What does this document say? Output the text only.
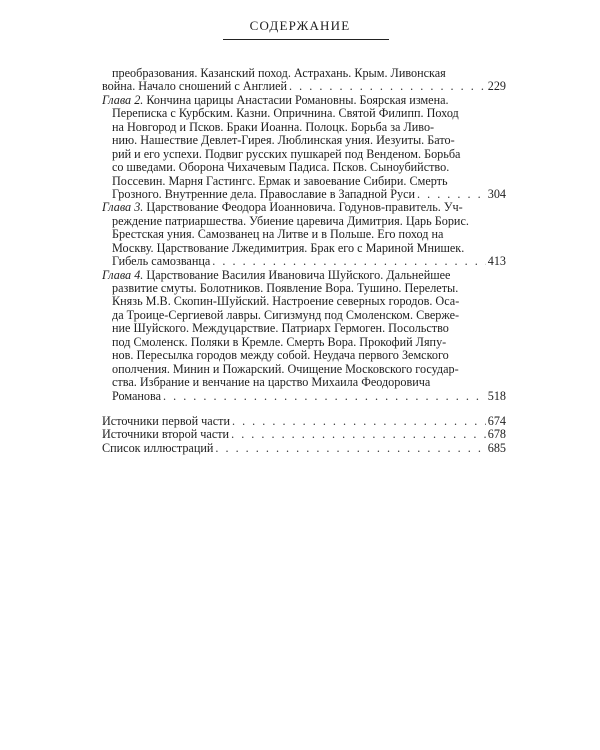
СОДЕРЖАНИЕ
преобразования. Казанский поход. Астрахань. Крым. Ливонская
война. Начало сношений с Англией . . .	229
Глава 2. Кончина царицы Анастасии Романовны. Боярская измена.
Переписка с Курбским. Казни. Опричнина. Святой Филипп. Поход
на Новгород и Псков. Браки Иоанна. Полоцк. Борьба за Ливо-
нию. Нашествие Девлет-Гирея. Люблинская уния. Иезуиты. Бато-
рий и его успехи. Подвиг русских пушкарей под Венденом. Борьба
со шведами. Оборона Чихачевым Падиса. Псков. Сыноубийство.
Поссевин. Марня Гастингс. Ермак и завоевание Сибири. Смерть
Грозного. Внутренние дела. Православие в Западной Руси . . .	304
Глава 3. Царствование Феодора Иоанновича. Годунов-правитель. Уч-
реждение патриаршества. Убиение царевича Димитрия. Царь Борис.
Брестская уния. Самозванец на Литве и в Польше. Его поход на
Москву. Царствование Лжедимитрия. Брак его с Мариной Мнишек.
Гибель самозванца . . .	413
Глава 4. Царствование Василия Ивановича Шуйского. Дальнейшее
развитие смуты. Болотников. Появление Вора. Тушино. Перелеты.
Князь М.В. Скопин-Шуйский. Настроение северных городов. Оса-
да Троице-Сергиевой лавры. Сигизмунд под Смоленском. Сверже-
ние Шуйского. Междуцарствие. Патриарх Гермоген. Посольство
под Смоленск. Поляки в Кремле. Смерть Вора. Прокофий Ляпу-
нов. Пересылка городов между собой. Неудача первого Земского
ополчения. Минин и Пожарский. Очищение Московского государ-
ства. Избрание и венчание на царство Михаила Феодоровича
Романова . . .	518
Источники первой части . . .	674
Источники второй части . . .	678
Список иллюстраций . . .	685
